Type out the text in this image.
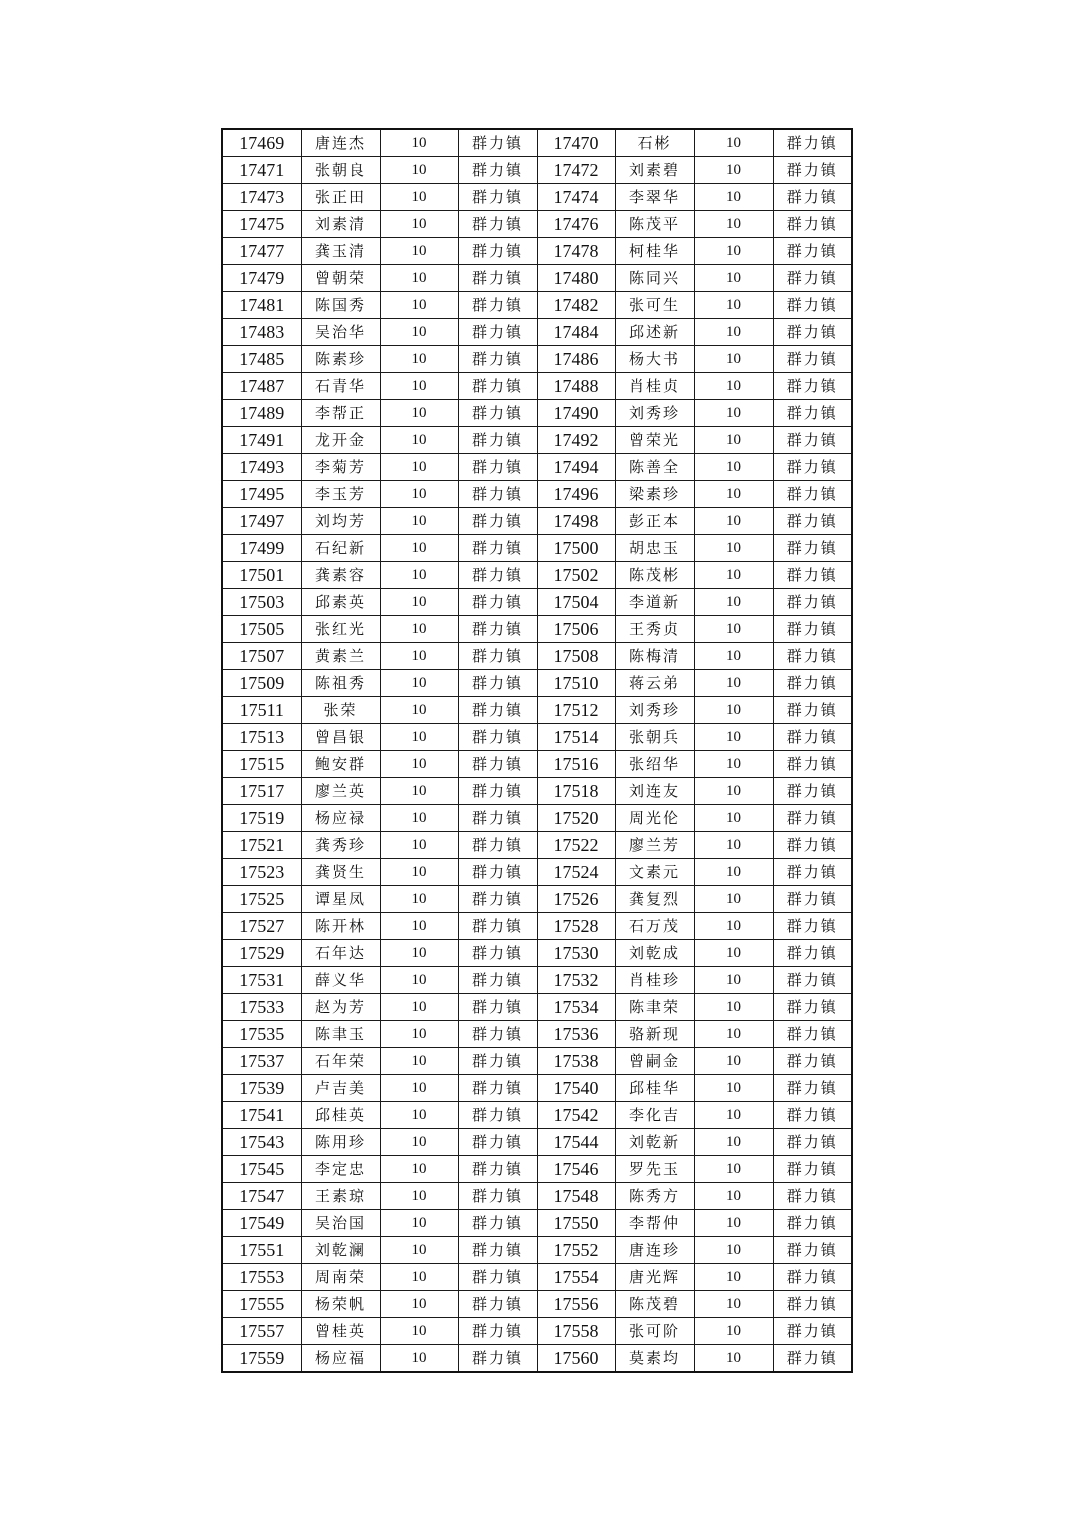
17469	唐连杰	10	群力镇	17470	石彬	10	群力镇
17471	张朝良	10	群力镇	17472	刘素碧	10	群力镇
17473	张正田	10	群力镇	17474	李翠华	10	群力镇
17475	刘素清	10	群力镇	17476	陈茂平	10	群力镇
17477	龚玉清	10	群力镇	17478	柯桂华	10	群力镇
17479	曾朝荣	10	群力镇	17480	陈同兴	10	群力镇
17481	陈国秀	10	群力镇	17482	张可生	10	群力镇
17483	吴治华	10	群力镇	17484	邱述新	10	群力镇
17485	陈素珍	10	群力镇	17486	杨大书	10	群力镇
17487	石青华	10	群力镇	17488	肖桂贞	10	群力镇
17489	李帮正	10	群力镇	17490	刘秀珍	10	群力镇
17491	龙开金	10	群力镇	17492	曾荣光	10	群力镇
17493	李菊芳	10	群力镇	17494	陈善全	10	群力镇
17495	李玉芳	10	群力镇	17496	梁素珍	10	群力镇
17497	刘均芳	10	群力镇	17498	彭正本	10	群力镇
17499	石纪新	10	群力镇	17500	胡忠玉	10	群力镇
17501	龚素容	10	群力镇	17502	陈茂彬	10	群力镇
17503	邱素英	10	群力镇	17504	李道新	10	群力镇
17505	张红光	10	群力镇	17506	王秀贞	10	群力镇
17507	黄素兰	10	群力镇	17508	陈梅清	10	群力镇
17509	陈祖秀	10	群力镇	17510	蒋云弟	10	群力镇
17511	张荣	10	群力镇	17512	刘秀珍	10	群力镇
17513	曾昌银	10	群力镇	17514	张朝兵	10	群力镇
17515	鲍安群	10	群力镇	17516	张绍华	10	群力镇
17517	廖兰英	10	群力镇	17518	刘连友	10	群力镇
17519	杨应禄	10	群力镇	17520	周光伦	10	群力镇
17521	龚秀珍	10	群力镇	17522	廖兰芳	10	群力镇
17523	龚贤生	10	群力镇	17524	文素元	10	群力镇
17525	谭星凤	10	群力镇	17526	龚复烈	10	群力镇
17527	陈开林	10	群力镇	17528	石万茂	10	群力镇
17529	石年达	10	群力镇	17530	刘乾成	10	群力镇
17531	薛义华	10	群力镇	17532	肖桂珍	10	群力镇
17533	赵为芳	10	群力镇	17534	陈聿荣	10	群力镇
17535	陈聿玉	10	群力镇	17536	骆新现	10	群力镇
17537	石年荣	10	群力镇	17538	曾嗣金	10	群力镇
17539	卢吉美	10	群力镇	17540	邱桂华	10	群力镇
17541	邱桂英	10	群力镇	17542	李化吉	10	群力镇
17543	陈用珍	10	群力镇	17544	刘乾新	10	群力镇
17545	李定忠	10	群力镇	17546	罗先玉	10	群力镇
17547	王素琼	10	群力镇	17548	陈秀方	10	群力镇
17549	吴治国	10	群力镇	17550	李帮仲	10	群力镇
17551	刘乾澜	10	群力镇	17552	唐连珍	10	群力镇
17553	周南荣	10	群力镇	17554	唐光辉	10	群力镇
17555	杨荣帆	10	群力镇	17556	陈茂碧	10	群力镇
17557	曾桂英	10	群力镇	17558	张可阶	10	群力镇
17559	杨应福	10	群力镇	17560	莫素均	10	群力镇
